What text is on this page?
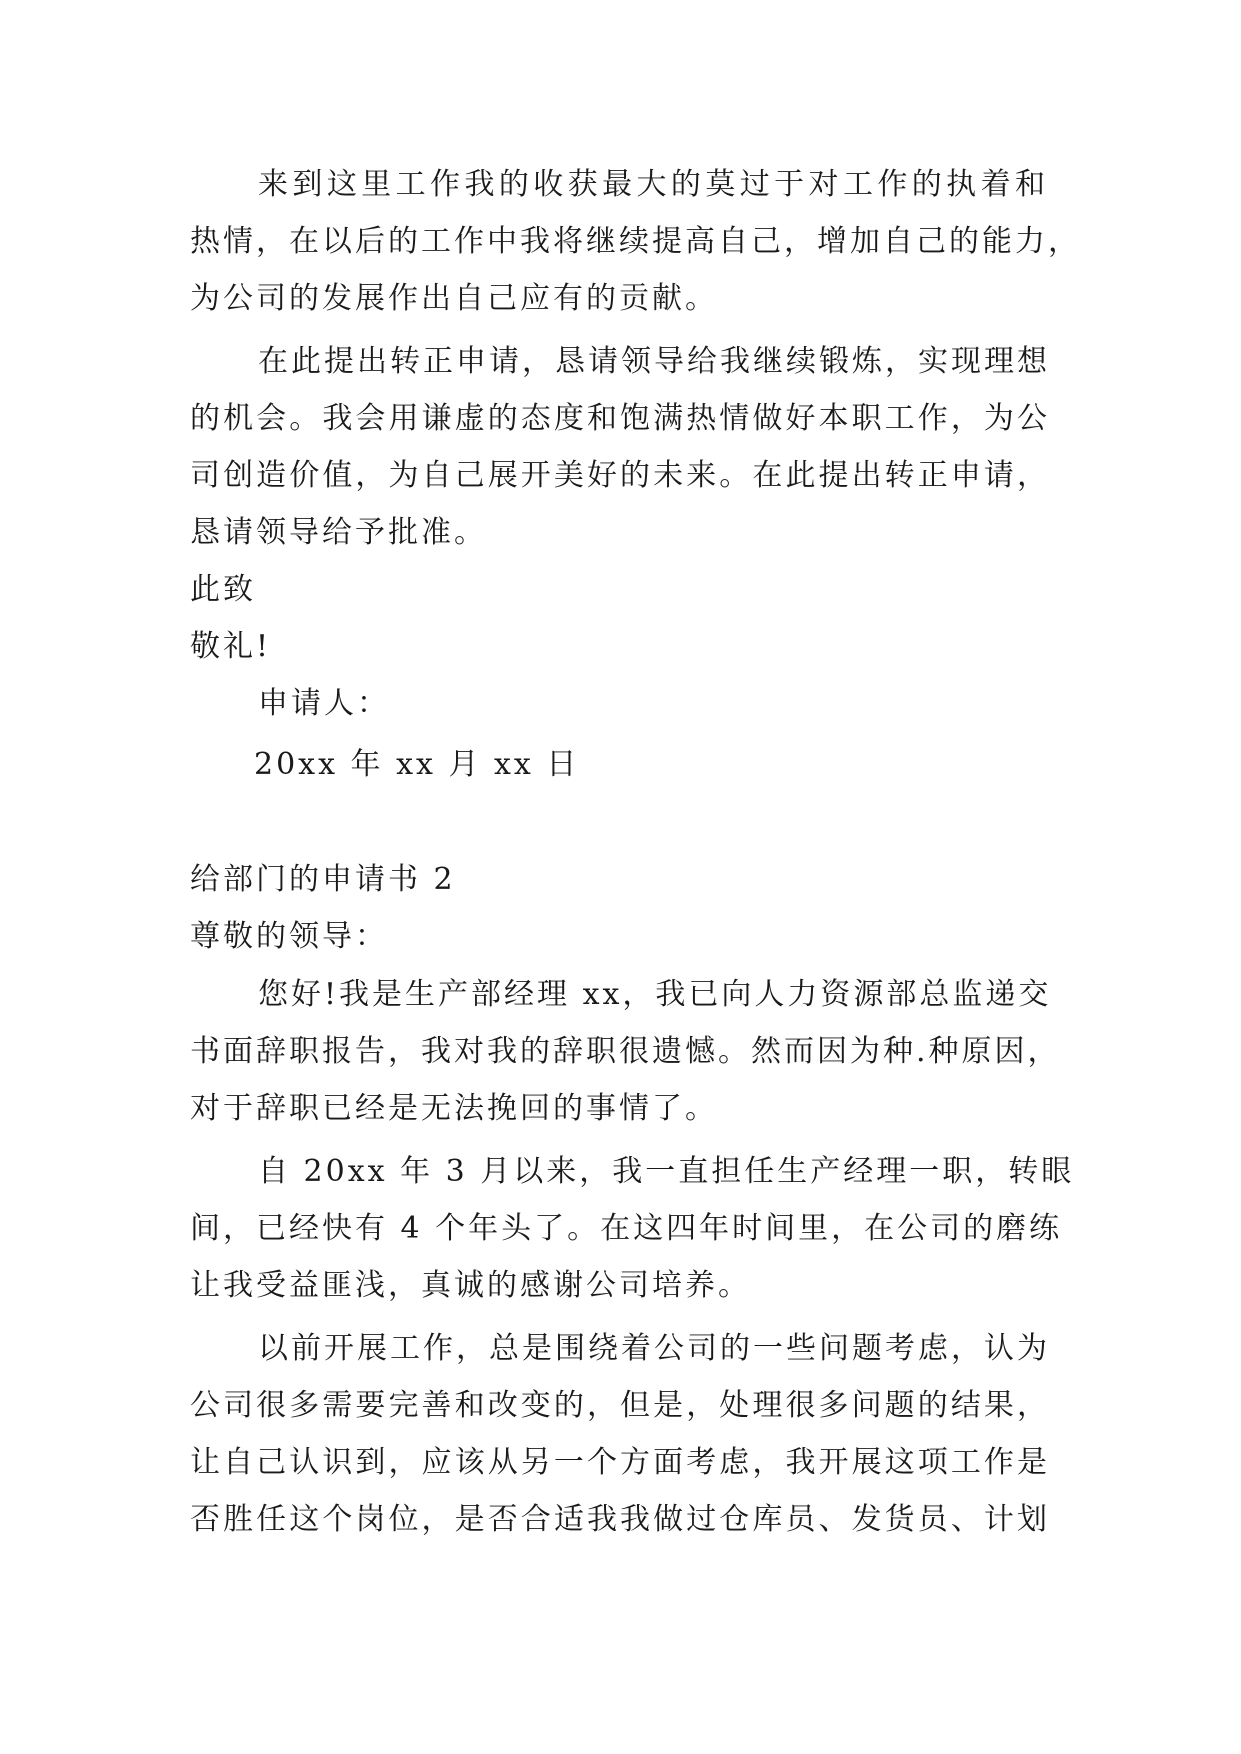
来到这里工作我的收获最大的莫过于对工作的执着和
热情，在以后的工作中我将继续提高自己，增加自己的能力，
为公司的发展作出自己应有的贡献。
在此提出转正申请，恳请领导给我继续锻炼，实现理想
的机会。我会用谦虚的态度和饱满热情做好本职工作，为公
司创造价值，为自己展开美好的未来。在此提出转正申请，
恳请领导给予批准。
此致
敬礼!
申请人：
20xx 年 xx 月 xx 日
给部门的申请书 2
尊敬的领导：
您好!我是生产部经理 xx，我已向人力资源部总监递交
书面辞职报告，我对我的辞职很遗憾。然而因为种.种原因，
对于辞职已经是无法挽回的事情了。
自 20xx 年 3 月以来，我一直担任生产经理一职，转眼
间，已经快有 4 个年头了。在这四年时间里，在公司的磨练
让我受益匪浅，真诚的感谢公司培养。
以前开展工作，总是围绕着公司的一些问题考虑，认为
公司很多需要完善和改变的，但是，处理很多问题的结果，
让自己认识到，应该从另一个方面考虑，我开展这项工作是
否胜任这个岗位，是否合适我我做过仓库员、发货员、计划
